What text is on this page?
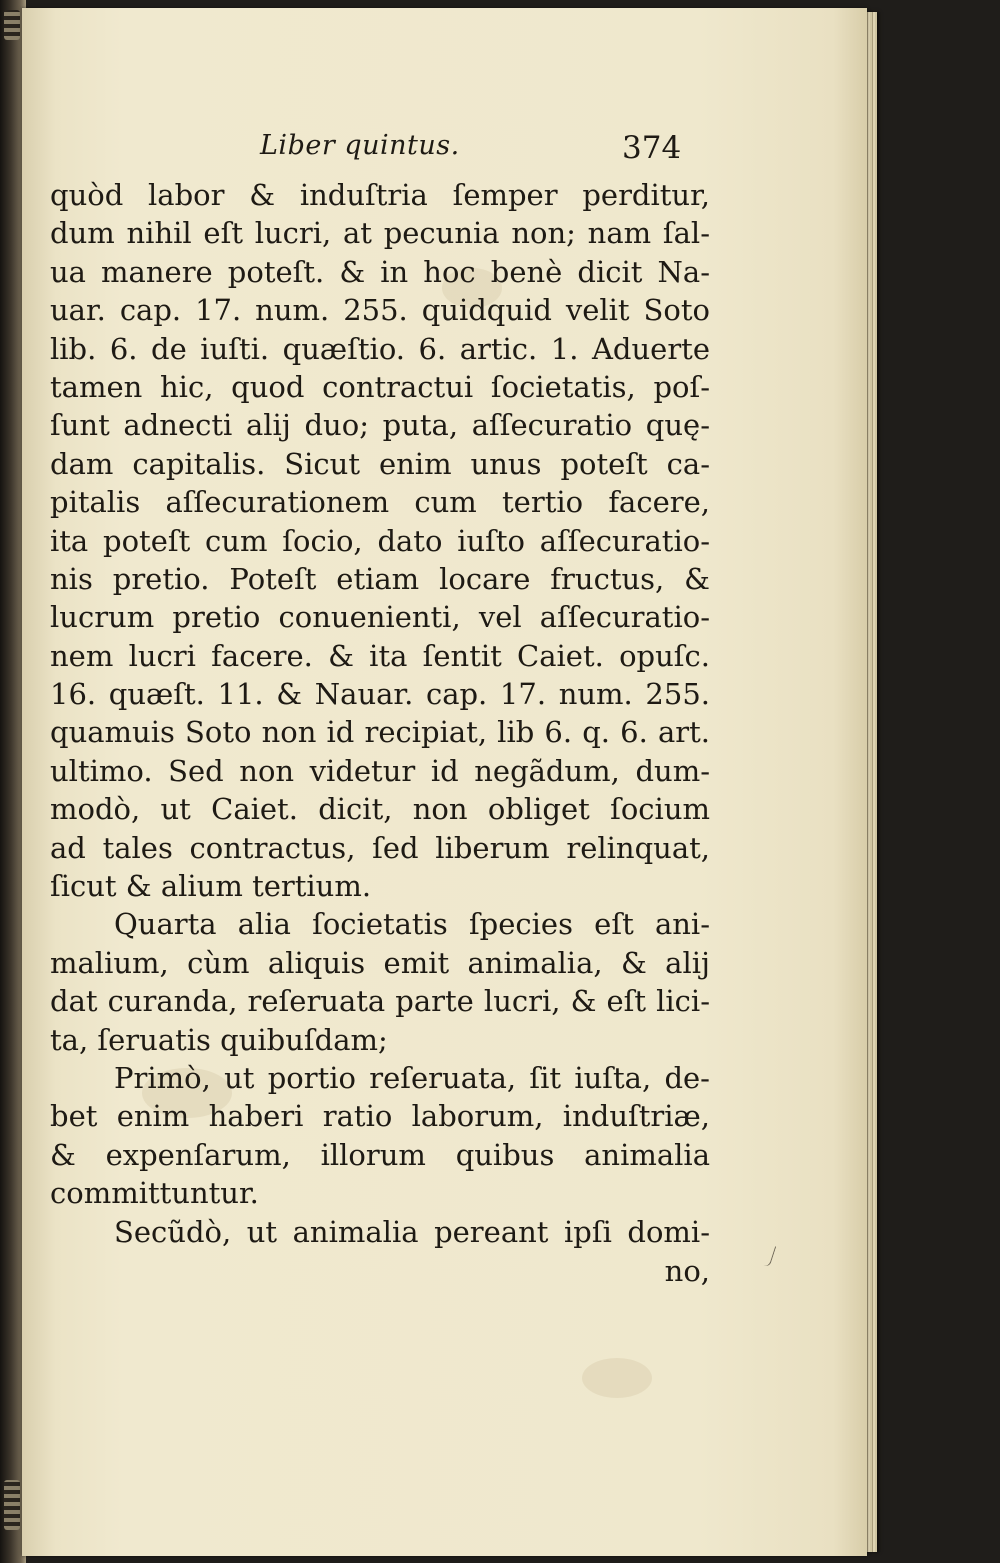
Liber quintus.	374
quòd labor & induſtria ſemper perditur,
dum nihil eſt lucri, at pecunia non; nam ſal-
ua manere poteſt. & in hoc benè dicit Na-
uar. cap. 17. num. 255. quidquid velit Soto
lib. 6. de iuſti. quæſtio. 6. artic. 1. Aduerte
tamen hic, quod contractui ſocietatis, poſ-
ſunt adnecti alij duo; puta, aſſecuratio quę-
dam capitalis. Sicut enim unus poteſt ca-
pitalis aſſecurationem cum tertio facere,
ita poteſt cum ſocio, dato iuſto aſſecuratio-
nis pretio. Poteſt etiam locare fructus, &
lucrum pretio conuenienti, vel aſſecuratio-
nem lucri facere. & ita ſentit Caiet. opuſc.
16. quæſt. 11. & Nauar. cap. 17. num. 255.
quamuis Soto non id recipiat, lib 6. q. 6. art.
ultimo. Sed non videtur id negãdum, dum-
modò, ut Caiet. dicit, non obliget ſocium
ad tales contractus, ſed liberum relinquat,
ſicut & alium tertium.
Quarta alia ſocietatis ſpecies eſt ani-
malium, cùm aliquis emit animalia, & alij
dat curanda, reſeruata parte lucri, & eſt lici-
ta, ſeruatis quibuſdam;
Primò, ut portio reſeruata, ſit iuſta, de-
bet enim haberi ratio laborum, induſtriæ,
& expenſarum, illorum quibus animalia
committuntur.
Secũdò, ut animalia pereant ipſi domi-
no,
